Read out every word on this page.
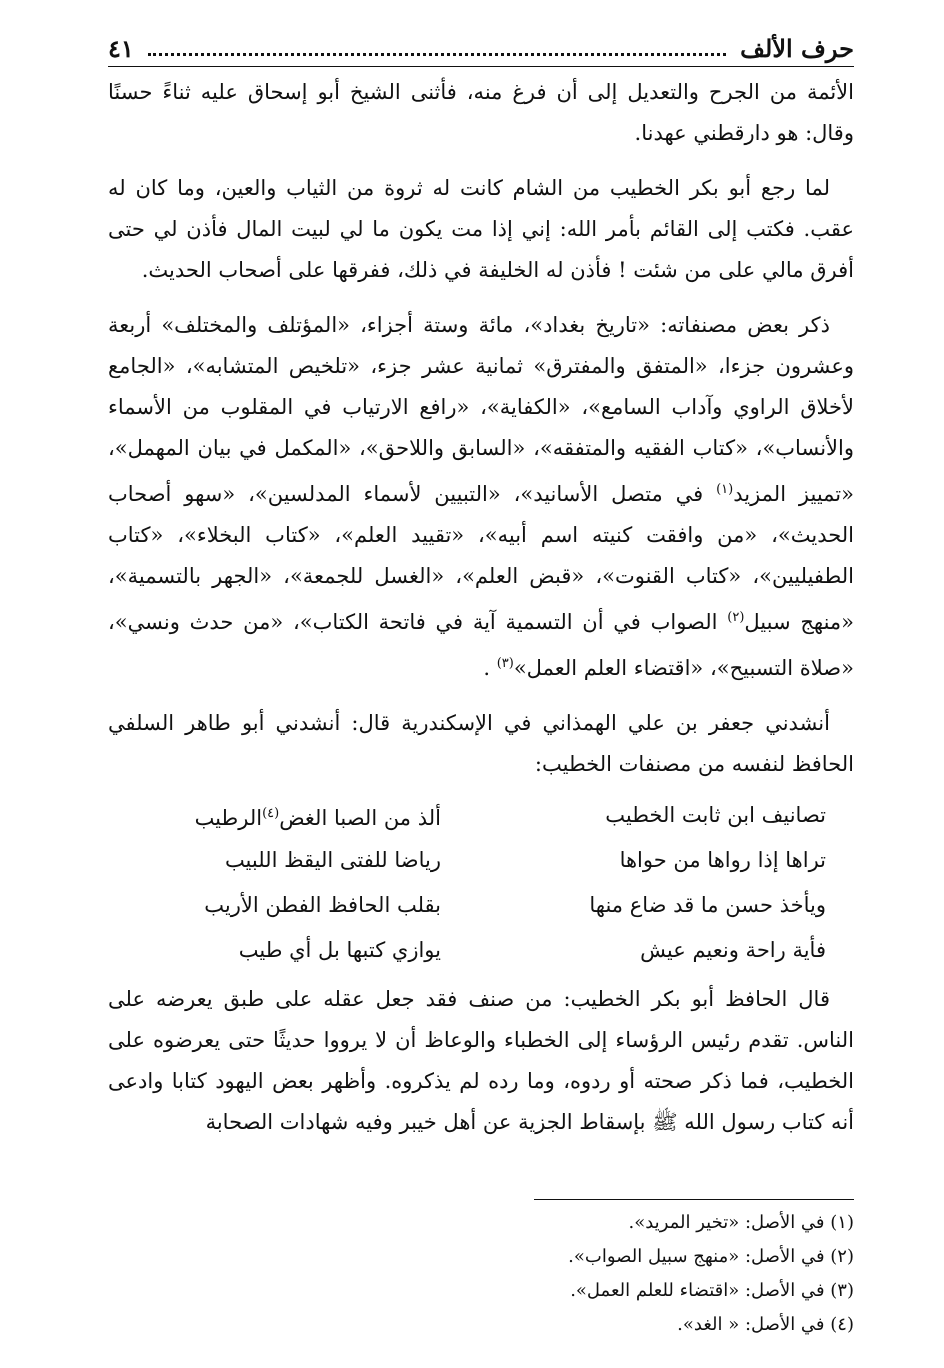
حرف الألف
٤١

الأئمة من الجرح والتعديل إلى أن فرغ منه، فأثنى الشيخ أبو إسحاق عليه ثناءً حسنًا وقال: هو دارقطني عهدنا.

لما رجع أبو بكر الخطيب من الشام كانت له ثروة من الثياب والعين، وما كان له عقب. فكتب إلى القائم بأمر الله: إني إذا مت يكون ما لي لبيت المال فأذن لي حتى أفرق مالي على من شئت ! فأذن له الخليفة في ذلك، ففرقها على أصحاب الحديث.

ذكر بعض مصنفاته: «تاريخ بغداد»، مائة وستة أجزاء، «المؤتلف والمختلف» أربعة وعشرون جزءا، «المتفق والمفترق» ثمانية عشر جزء، «تلخيص المتشابه»، «الجامع لأخلاق الراوي وآداب السامع»، «الكفاية»، «رافع الارتياب في المقلوب من الأسماء والأنساب»، «كتاب الفقيه والمتفقه»، «السابق واللاحق»، «المكمل في بيان المهمل»، «تمييز المزيد$^{(١)}$ في متصل الأسانيد»، «التبيين لأسماء المدلسين»، «سهو أصحاب الحديث»، «من وافقت كنيته اسم أبيه»، «تقييد العلم»، «كتاب البخلاء»، «كتاب الطفيليين»، «كتاب القنوت»، «قبض العلم»، «الغسل للجمعة»، «الجهر بالتسمية»، «منهج سبيل$^{(٢)}$ الصواب في أن التسمية آية في فاتحة الكتاب»، «من حدث ونسي»، «صلاة التسبيح»، «اقتضاء العلم العمل»$^{(٣)}$ .

أنشدني جعفر بن علي الهمذاني في الإسكندرية قال: أنشدني أبو طاهر السلفي الحافظ لنفسه من مصنفات الخطيب:

تصانيف ابن ثابت الخطيب
ألذ من الصبا الغض$^{(٤)}$الرطيب
تراها إذا رواها من حواها
رياضا للفتى اليقظ اللبيب
ويأخذ حسن ما قد ضاع منها
بقلب الحافظ الفطن الأريب
فأية راحة ونعيم عيش
يوازي كتبها بل أي طيب

قال الحافظ أبو بكر الخطيب: من صنف فقد جعل عقله على طبق يعرضه على الناس. تقدم رئيس الرؤساء إلى الخطباء والوعاظ أن لا يرووا حديثًا حتى يعرضوه على الخطيب، فما ذكر صحته أو ردوه، وما رده لم يذكروه. وأظهر بعض اليهود كتابا وادعى أنه كتاب رسول الله ﷺ بإسقاط الجزية عن أهل خيبر وفيه شهادات الصحابة

(١) في الأصل: «تخير المريد».
(٢) في الأصل: «منهج سبيل الصواب».
(٣) في الأصل: «اقتضاء للعلم العمل».
(٤) في الأصل: « الغد».
